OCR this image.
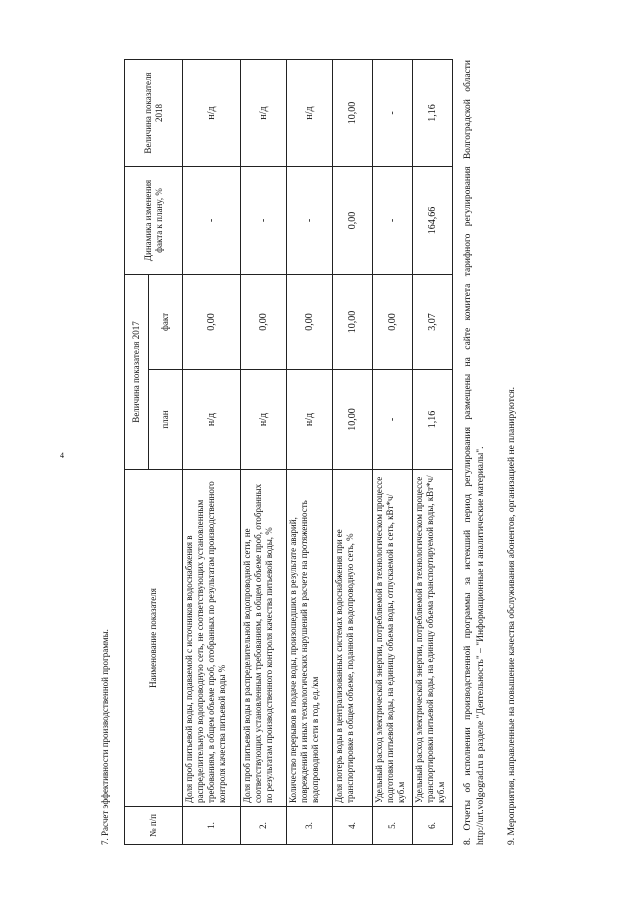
4
7. Расчет эффективности производственной программы.	№ п/п	Наименование показателя	Величина показателя 2017		Динамика изменения факта к плану, %	Величина показателя 2018
		план	факт		
1.	Доля проб питьевой воды, подаваемой с источников водоснабжения в распределительную водопроводную сеть, не соответствующих установленным требованиям, в общем объеме проб, отобранных по результатам производственного контроля качества питьевой воды %	н/д	0,00	-	н/д
2.	Доля проб питьевой воды в распределительной водопроводной сети, не соответствующих установленным требованиям, в общем объеме проб, отобранных по результатам производственного контроля качества питьевой воды, %	н/д	0,00	-	н/д
3.	Количество перерывов в подаче воды, произошедших в результате аварий, повреждений и иных технологических нарушений в расчете на протяженность водопроводной сети в год, ед./км	н/д	0,00	-	н/д
4.	Доля потерь воды в централизованных системах водоснабжения при ее транспортировке в общем объеме, поданной в водопроводную сеть, %	10,00	10,00	0,00	10,00
5.	Удельный расход электрической энергии, потребляемой в технологическом процессе подготовки питьевой воды, на единицу объема воды, отпускаемой в сеть, кВт*ч/куб.м	-	0,00	-	-
6.	Удельный расход электрической энергии, потребляемой в технологическом процессе транспортировки питьевой воды, на единицу объема транспортируемой воды, кВт*ч/куб.м	1,16	3,07	164,66	1,16	8. Отчеты об исполнении производственной программы за истекший период регулирования размещены на сайте комитета тарифного регулирования Волгоградской области http://urt.volgograd.ru в разделе "Деятельность" – "Информационные и аналитические материалы". 9. Мероприятия, направленные на повышение качества обслуживания абонентов, организацией не планируются.
